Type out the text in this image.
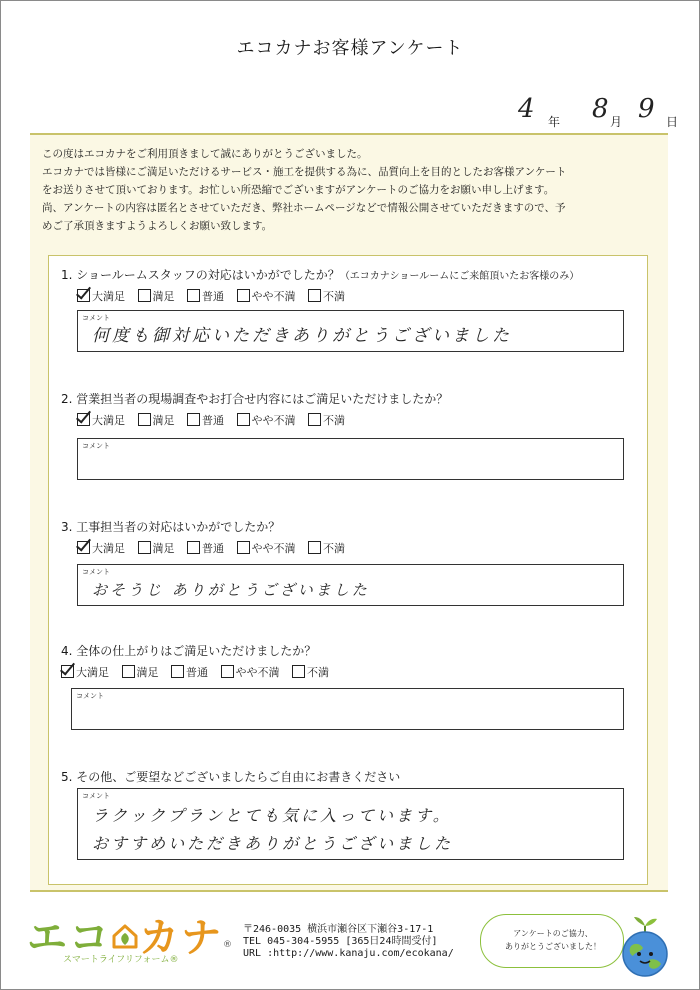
エコカナお客様アンケート
4 年 8 月 9 日
この度はエコカナをご利用頂きまして誠にありがとうございました。
エコカナでは皆様にご満足いただけるサービス・施工を提供する為に、品質向上を目的としたお客様アンケート
をお送りさせて頂いております。お忙しい所恐縮でございますがアンケートのご協力をお願い申し上げます。
尚、アンケートの内容は匿名とさせていただき、弊社ホームページなどで情報公開させていただきますので、予
めご了承頂きますようよろしくお願い致します。
1. ショールームスタッフの対応はいかがでしたか？（エコカナショールームにご来館頂いたお客様のみ）
大満足	満足	普通	やや不満	不満
コメント
何度も御対応いただきありがとうございました
2. 営業担当者の現場調査やお打合せ内容にはご満足いただけましたか？
大満足	満足	普通	やや不満	不満
コメント
3. 工事担当者の対応はいかがでしたか？
大満足	満足	普通	やや不満	不満
コメント
おそうじ ありがとうございました
4. 全体の仕上がりはご満足いただけましたか？
大満足	満足	普通	やや不満	不満
コメント
5. その他、ご要望などございましたらご自由にお書きください
コメント
ラクックプランとても気に入っています。
おすすめいただきありがとうございました
エコ カナ®
スマートライフリフォーム®
〒246-0035 横浜市瀬谷区下瀬谷3-17-1
TEL 045-304-5955 [365日24時間受付]
URL :http://www.kanaju.com/ecokana/
アンケートのご協力、
ありがとうございました！
